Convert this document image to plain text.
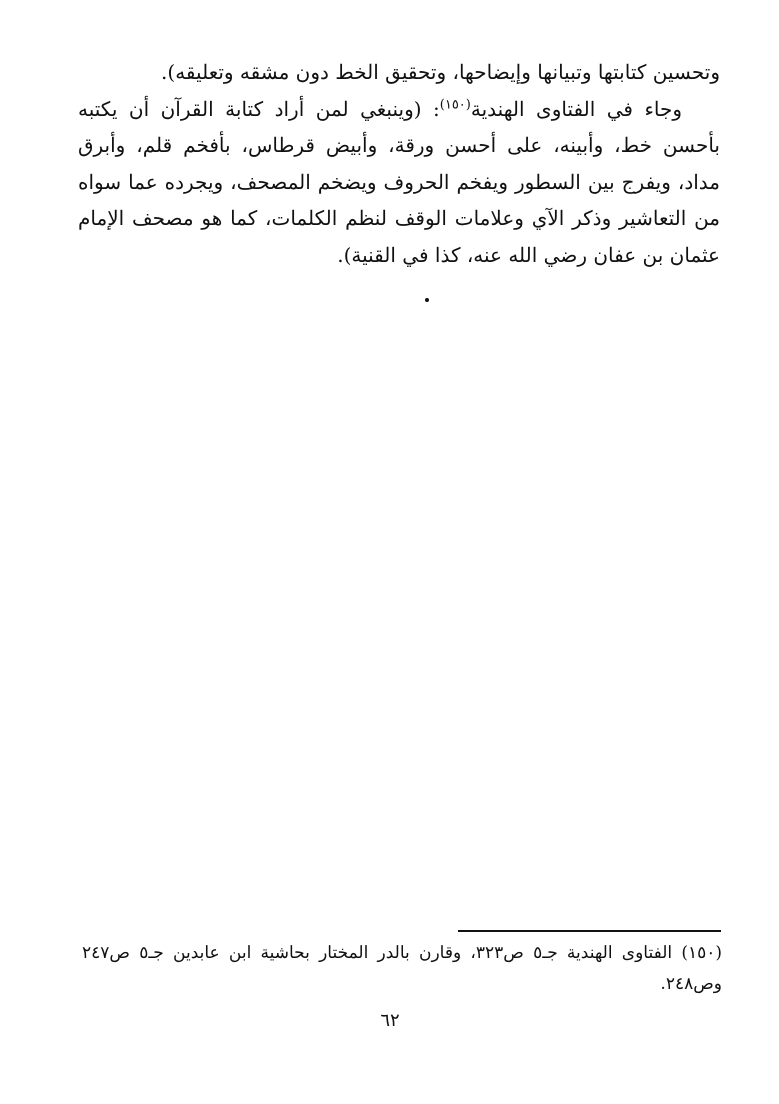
وتحسين كتابتها وتبيانها وإيضاحها، وتحقيق الخط دون مشقه وتعليقه).

وجاء في الفتاوى الهندية$^{(١٥٠)}$: (وينبغي لمن أراد كتابة القرآن أن يكتبه بأحسن خط، وأبينه، على أحسن ورقة، وأبيض قرطاس، بأفخم قلم، وأبرق مداد، ويفرج بين السطور ويفخم الحروف ويضخم المصحف، ويجرده عما سواه من التعاشير وذكر الآي وعلامات الوقف لنظم الكلمات، كما هو مصحف الإمام عثمان بن عفان رضي الله عنه، كذا في القنية).

(١٥٠) الفتاوى الهندية جـ٥ ص٣٢٣، وقارن بالدر المختار بحاشية ابن عابدين جـ٥ ص٢٤٧ وص٢٤٨.
٦٢
